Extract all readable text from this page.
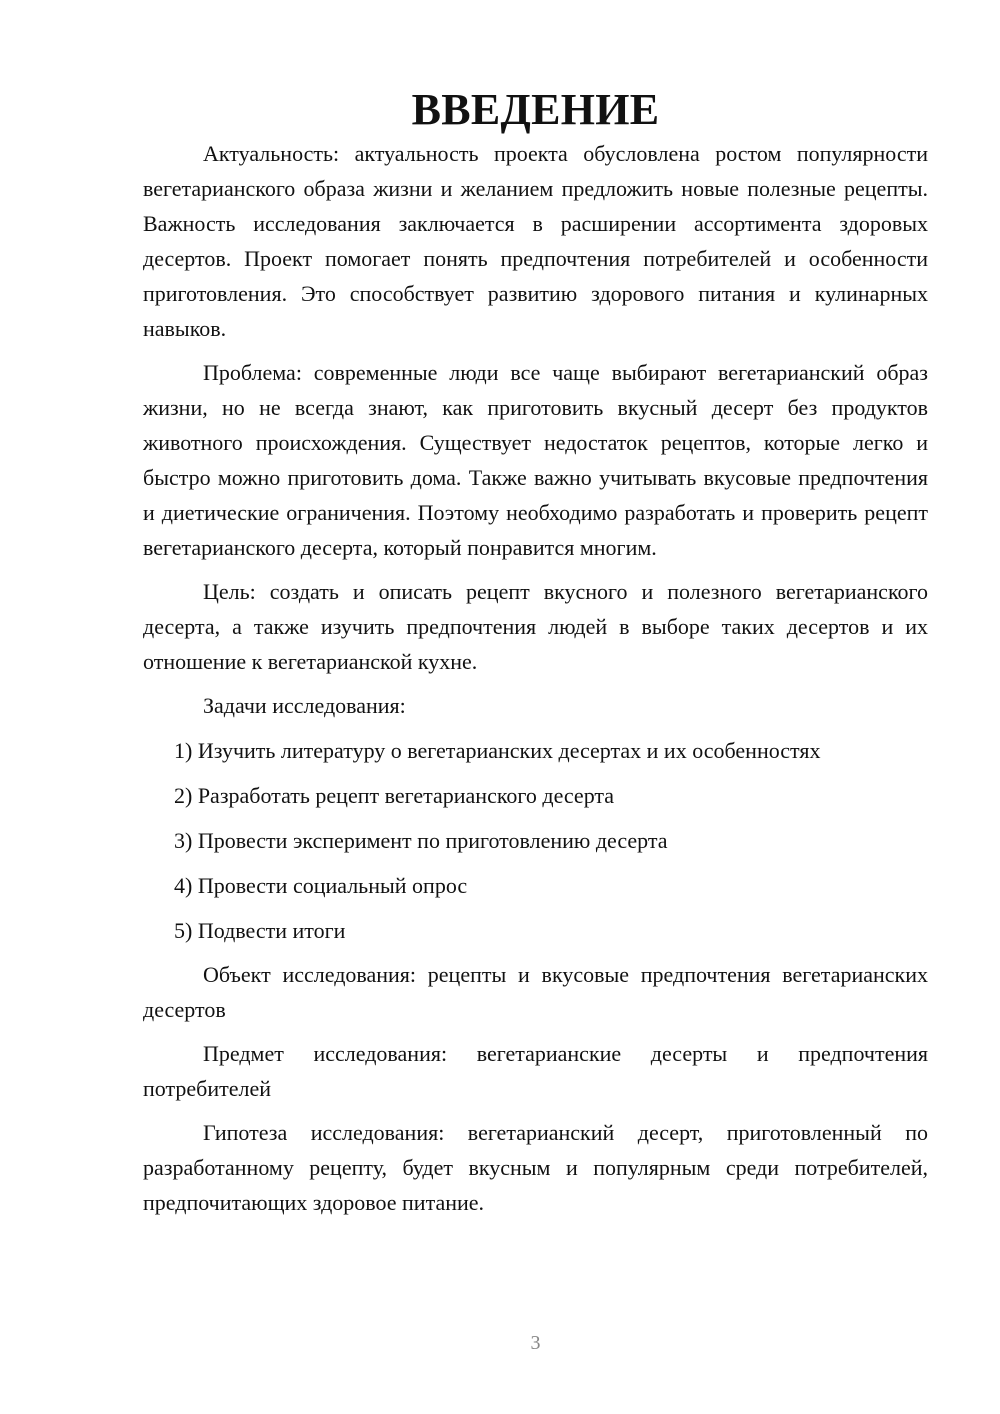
ВВЕДЕНИЕ

Актуальность: актуальность проекта обусловлена ростом популярности вегетарианского образа жизни и желанием предложить новые полезные рецепты. Важность исследования заключается в расширении ассортимента здоровых десертов. Проект помогает понять предпочтения потребителей и особенности приготовления. Это способствует развитию здорового питания и кулинарных навыков.

Проблема: современные люди все чаще выбирают вегетарианский образ жизни, но не всегда знают, как приготовить вкусный десерт без продуктов животного происхождения. Существует недостаток рецептов, которые легко и быстро можно приготовить дома. Также важно учитывать вкусовые предпочтения и диетические ограничения. Поэтому необходимо разработать и проверить рецепт вегетарианского десерта, который понравится многим.

Цель: создать и описать рецепт вкусного и полезного вегетарианского десерта, а также изучить предпочтения людей в выборе таких десертов и их отношение к вегетарианской кухне.

Задачи исследования:

1) Изучить литературу о вегетарианских десертах и их особенностях
2) Разработать рецепт вегетарианского десерта
3) Провести эксперимент по приготовлению десерта
4) Провести социальный опрос
5) Подвести итоги

Объект исследования: рецепты и вкусовые предпочтения вегетарианских десертов

Предмет исследования: вегетарианские десерты и предпочтения потребителей

Гипотеза исследования: вегетарианский десерт, приготовленный по разработанному рецепту, будет вкусным и популярным среди потребителей, предпочитающих здоровое питание.

3
